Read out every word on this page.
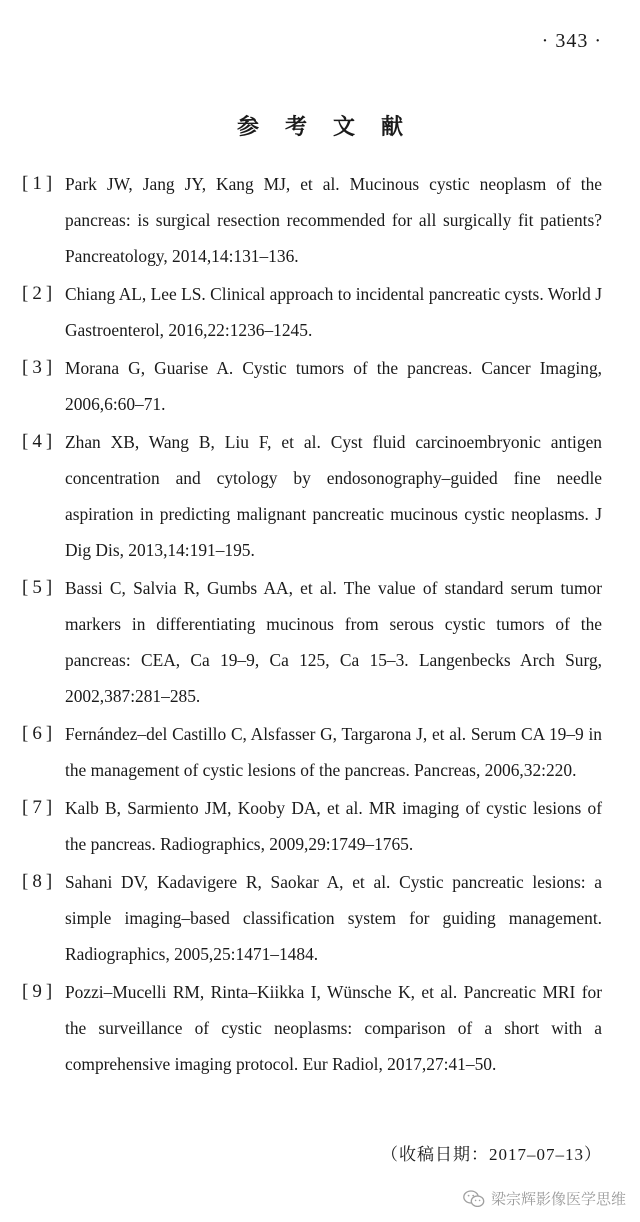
· 343 ·
参考文献
[1] Park JW, Jang JY, Kang MJ, et al. Mucinous cystic neoplasm of the pancreas: is surgical resection recommended for all surgically fit patients? Pancreatology, 2014,14:131–136.
[2] Chiang AL, Lee LS. Clinical approach to incidental pancreatic cysts. World J Gastroenterol, 2016,22:1236–1245.
[3] Morana G, Guarise A. Cystic tumors of the pancreas. Cancer Imaging, 2006,6:60–71.
[4] Zhan XB, Wang B, Liu F, et al. Cyst fluid carcinoembryonic antigen concentration and cytology by endosonography–guided fine needle aspiration in predicting malignant pancreatic mucinous cystic neoplasms. J Dig Dis, 2013,14:191–195.
[5] Bassi C, Salvia R, Gumbs AA, et al. The value of standard serum tumor markers in differentiating mucinous from serous cystic tumors of the pancreas: CEA, Ca 19–9, Ca 125, Ca 15–3. Langenbecks Arch Surg, 2002,387:281–285.
[6] Fernández–del Castillo C, Alsfasser G, Targarona J, et al. Serum CA 19–9 in the management of cystic lesions of the pancreas. Pancreas, 2006,32:220.
[7] Kalb B, Sarmiento JM, Kooby DA, et al. MR imaging of cystic lesions of the pancreas. Radiographics, 2009,29:1749–1765.
[8] Sahani DV, Kadavigere R, Saokar A, et al. Cystic pancreatic lesions: a simple imaging–based classification system for guiding management. Radiographics, 2005,25:1471–1484.
[9] Pozzi–Mucelli RM, Rinta–Kiikka I, Wünsche K, et al. Pancreatic MRI for the surveillance of cystic neoplasms: comparison of a short with a comprehensive imaging protocol. Eur Radiol, 2017,27:41–50.
（收稿日期：2017–07–13）
梁宗辉影像医学思维
